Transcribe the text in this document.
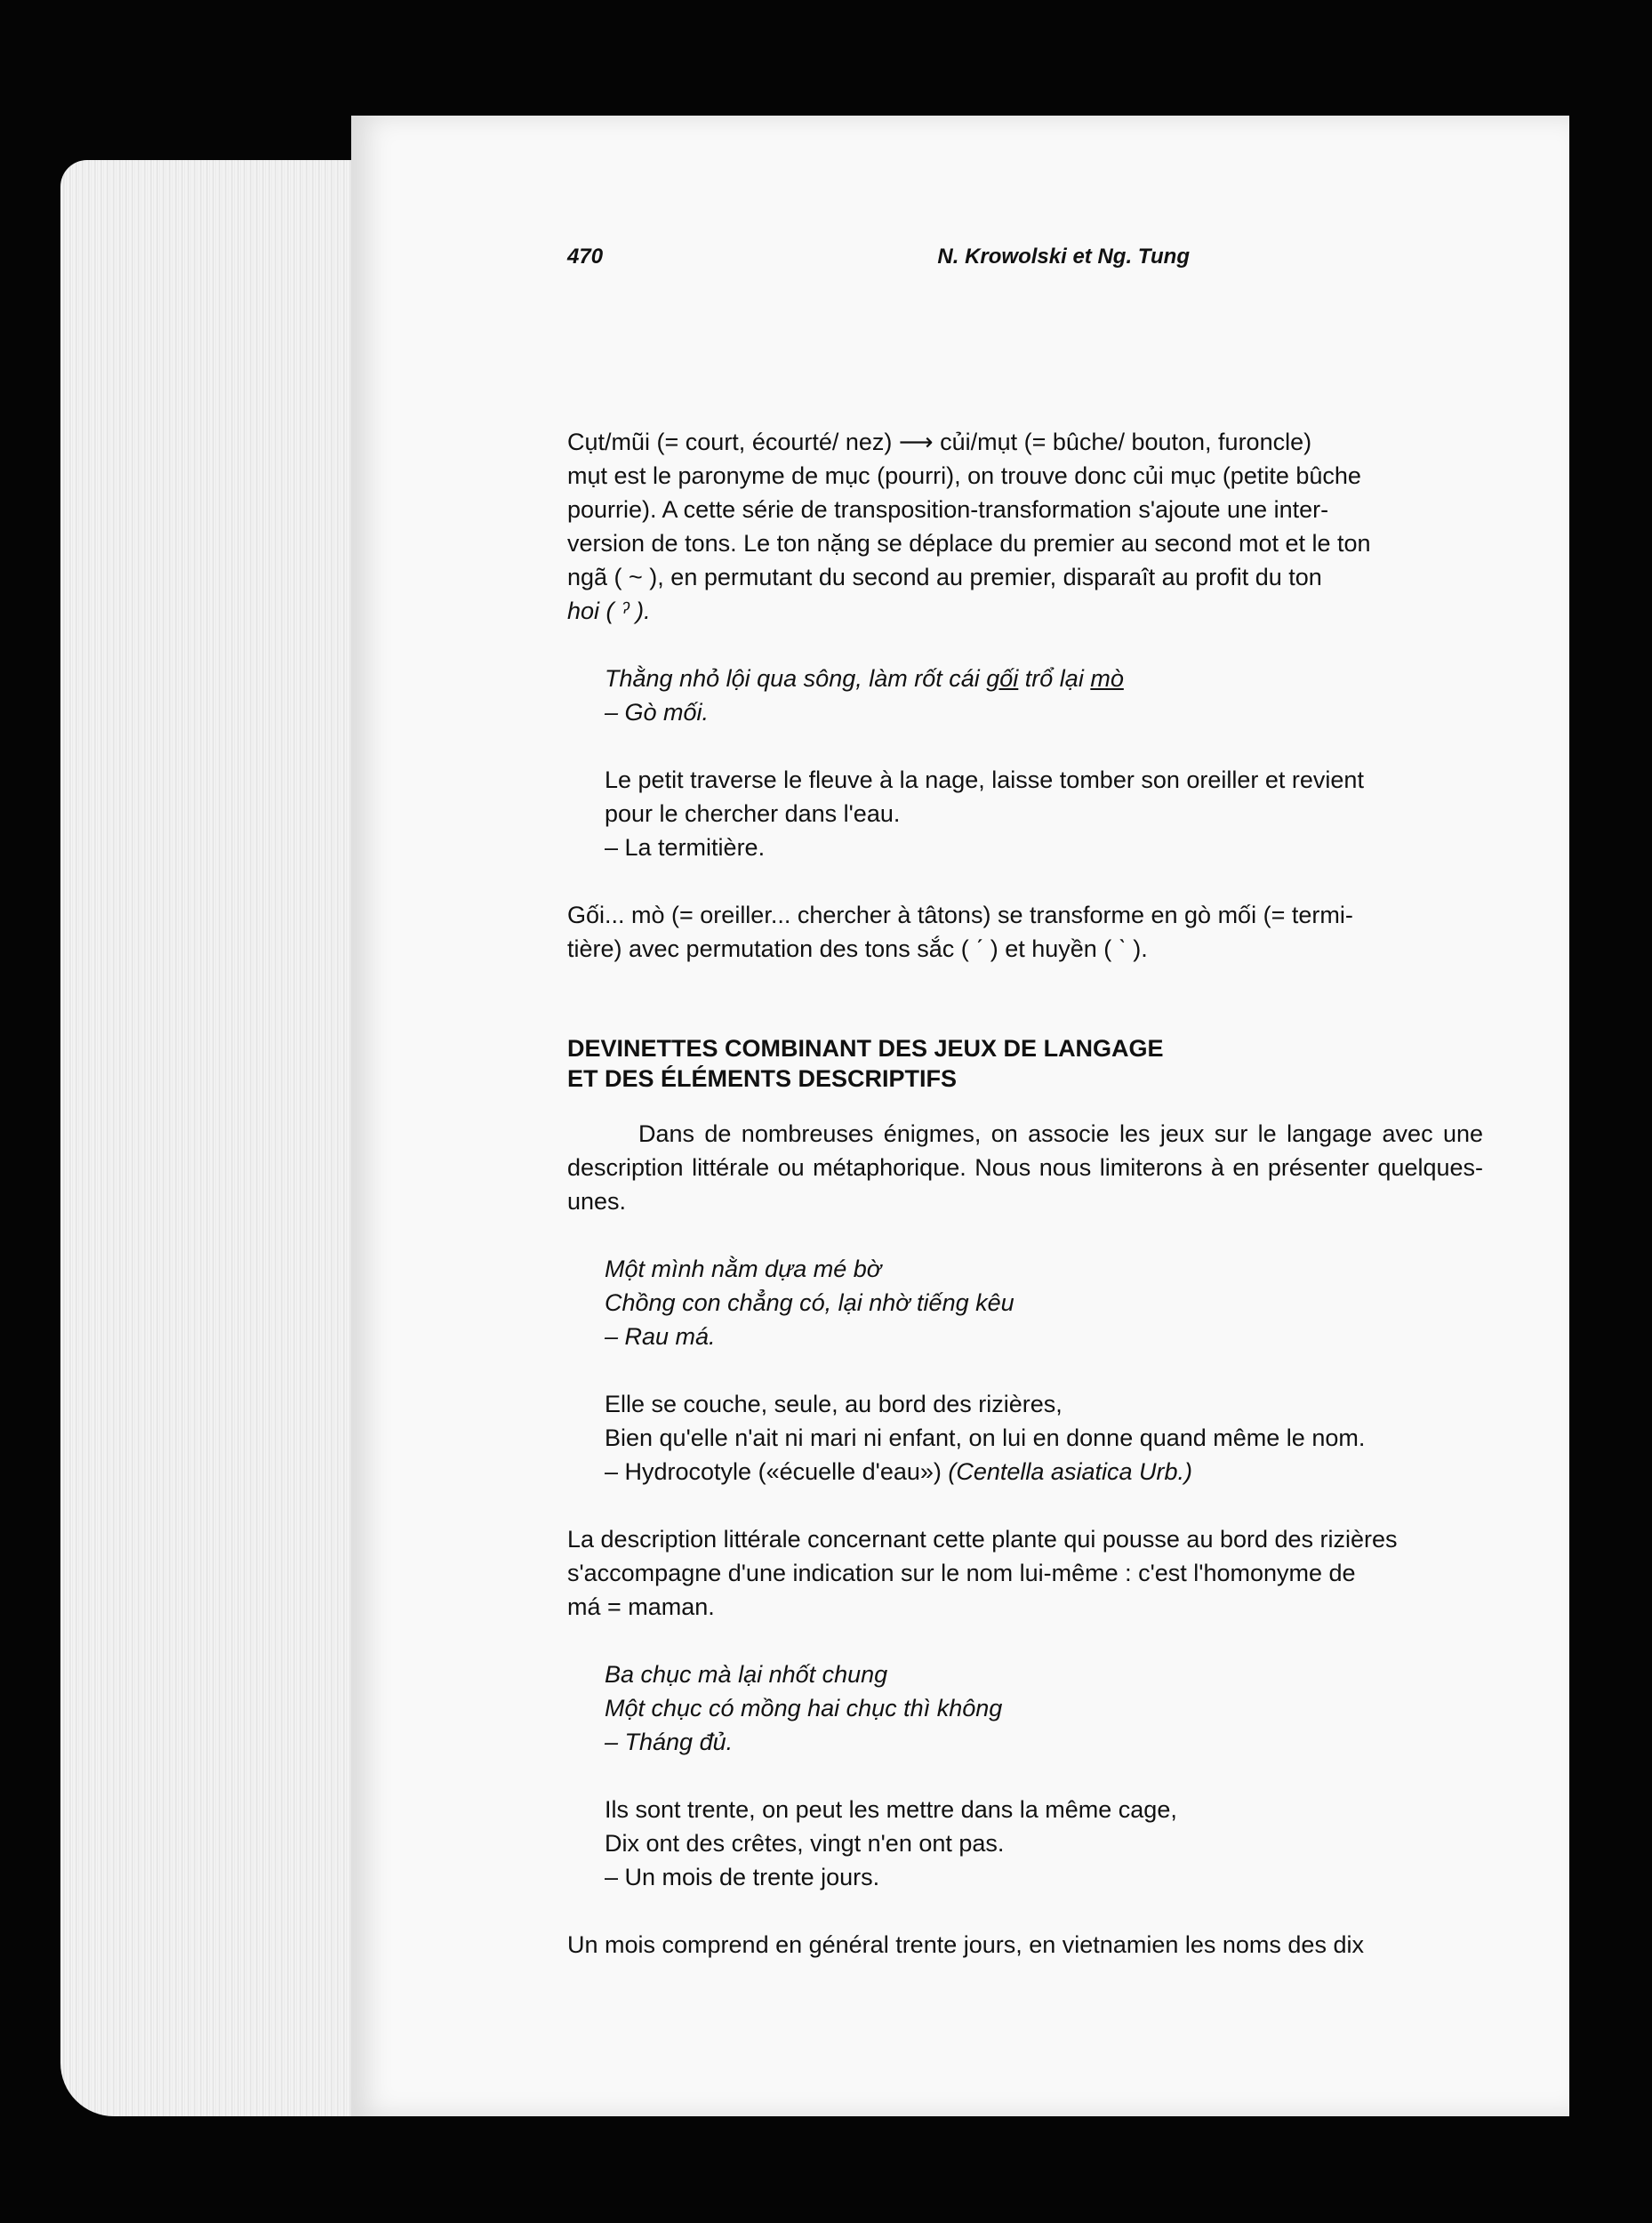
470	N. Krowolski et Ng. Tung

Cụt/mũi (= court, écourté/ nez) ⟶ củi/mụt (= bûche/ bouton, furoncle)

mụt est le paronyme de mục (pourri), on trouve donc củi mục (petite bûche

pourrie). A cette série de transposition-transformation s'ajoute une inter-

version de tons. Le ton nặng se déplace du premier au second mot et le ton

ngã ( ~ ), en permutant du second au premier, disparaît au profit du ton

hoi ( ˀ ).

Thằng nhỏ lội qua sông, làm rốt cái gối trổ lại mò

– Gò mối.

Le petit traverse le fleuve à la nage, laisse tomber son oreiller et revient

pour le chercher dans l'eau.

– La termitière.

Gối... mò (= oreiller... chercher à tâtons) se transforme en gò mối (= termi-

tière) avec permutation des tons sắc ( ˊ ) et huyền ( ˋ ).

DEVINETTES COMBINANT DES JEUX DE LANGAGE

ET DES ÉLÉMENTS DESCRIPTIFS

Dans de nombreuses énigmes, on associe les jeux sur le langage avec une description littérale ou métaphorique. Nous nous limiterons à en présenter quelques-unes.

Một mình nằm dựa mé bờ

Chồng con chẳng có, lại nhờ tiếng kêu

– Rau má.

Elle se couche, seule, au bord des rizières,

Bien qu'elle n'ait ni mari ni enfant, on lui en donne quand même le nom.

– Hydrocotyle («écuelle d'eau») (Centella asiatica Urb.)

La description littérale concernant cette plante qui pousse au bord des rizières

s'accompagne d'une indication sur le nom lui-même : c'est l'homonyme de

má = maman.

Ba chục mà lại nhốt chung

Một chục có mồng hai chục thì không

– Tháng đủ.

Ils sont trente, on peut les mettre dans la même cage,

Dix ont des crêtes, vingt n'en ont pas.

– Un mois de trente jours.

Un mois comprend en général trente jours, en vietnamien les noms des dix
